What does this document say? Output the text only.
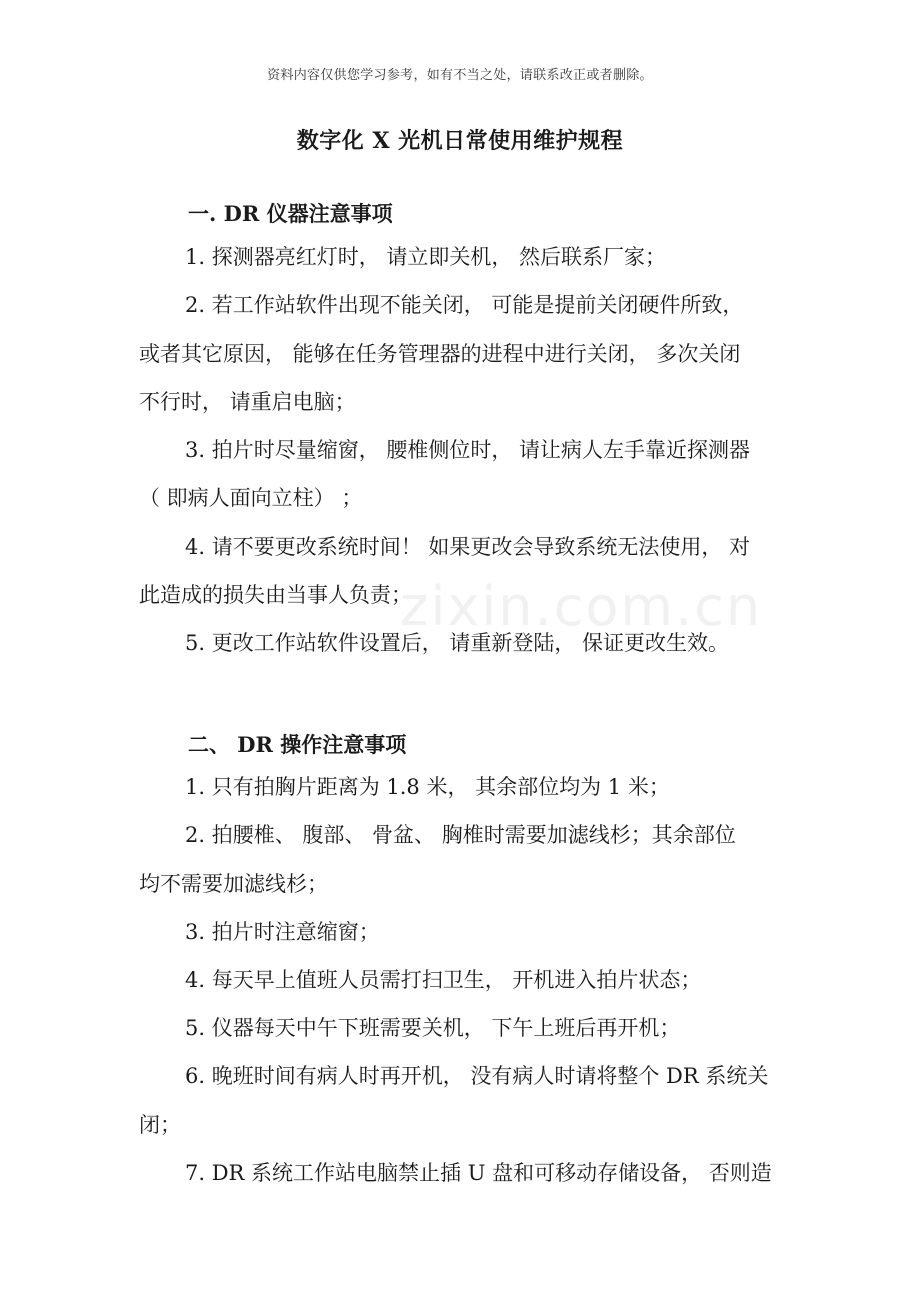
zixin.com.cn
资料内容仅供您学习参考，如有不当之处，请联系改正或者删除。
数字化 X 光机日常使用维护规程
一. DR 仪器注意事项
1. 探测器亮红灯时， 请立即关机， 然后联系厂家；
2. 若工作站软件出现不能关闭， 可能是提前关闭硬件所致，
或者其它原因， 能够在任务管理器的进程中进行关闭， 多次关闭
不行时， 请重启电脑；
3. 拍片时尽量缩窗， 腰椎侧位时， 请让病人左手靠近探测器
（ 即病人面向立柱） ；
4. 请不要更改系统时间！ 如果更改会导致系统无法使用， 对
此造成的损失由当事人负责；
5. 更改工作站软件设置后， 请重新登陆， 保证更改生效。
二、 DR 操作注意事项
1. 只有拍胸片距离为 1.8 米， 其余部位均为 1 米；
2. 拍腰椎、 腹部、 骨盆、 胸椎时需要加滤线杉；其余部位
均不需要加滤线杉；
3. 拍片时注意缩窗；
4. 每天早上值班人员需打扫卫生， 开机进入拍片状态；
5. 仪器每天中午下班需要关机， 下午上班后再开机；
6. 晚班时间有病人时再开机， 没有病人时请将整个 DR 系统关
闭；
7. DR 系统工作站电脑禁止插 U 盘和可移动存储设备， 否则造
